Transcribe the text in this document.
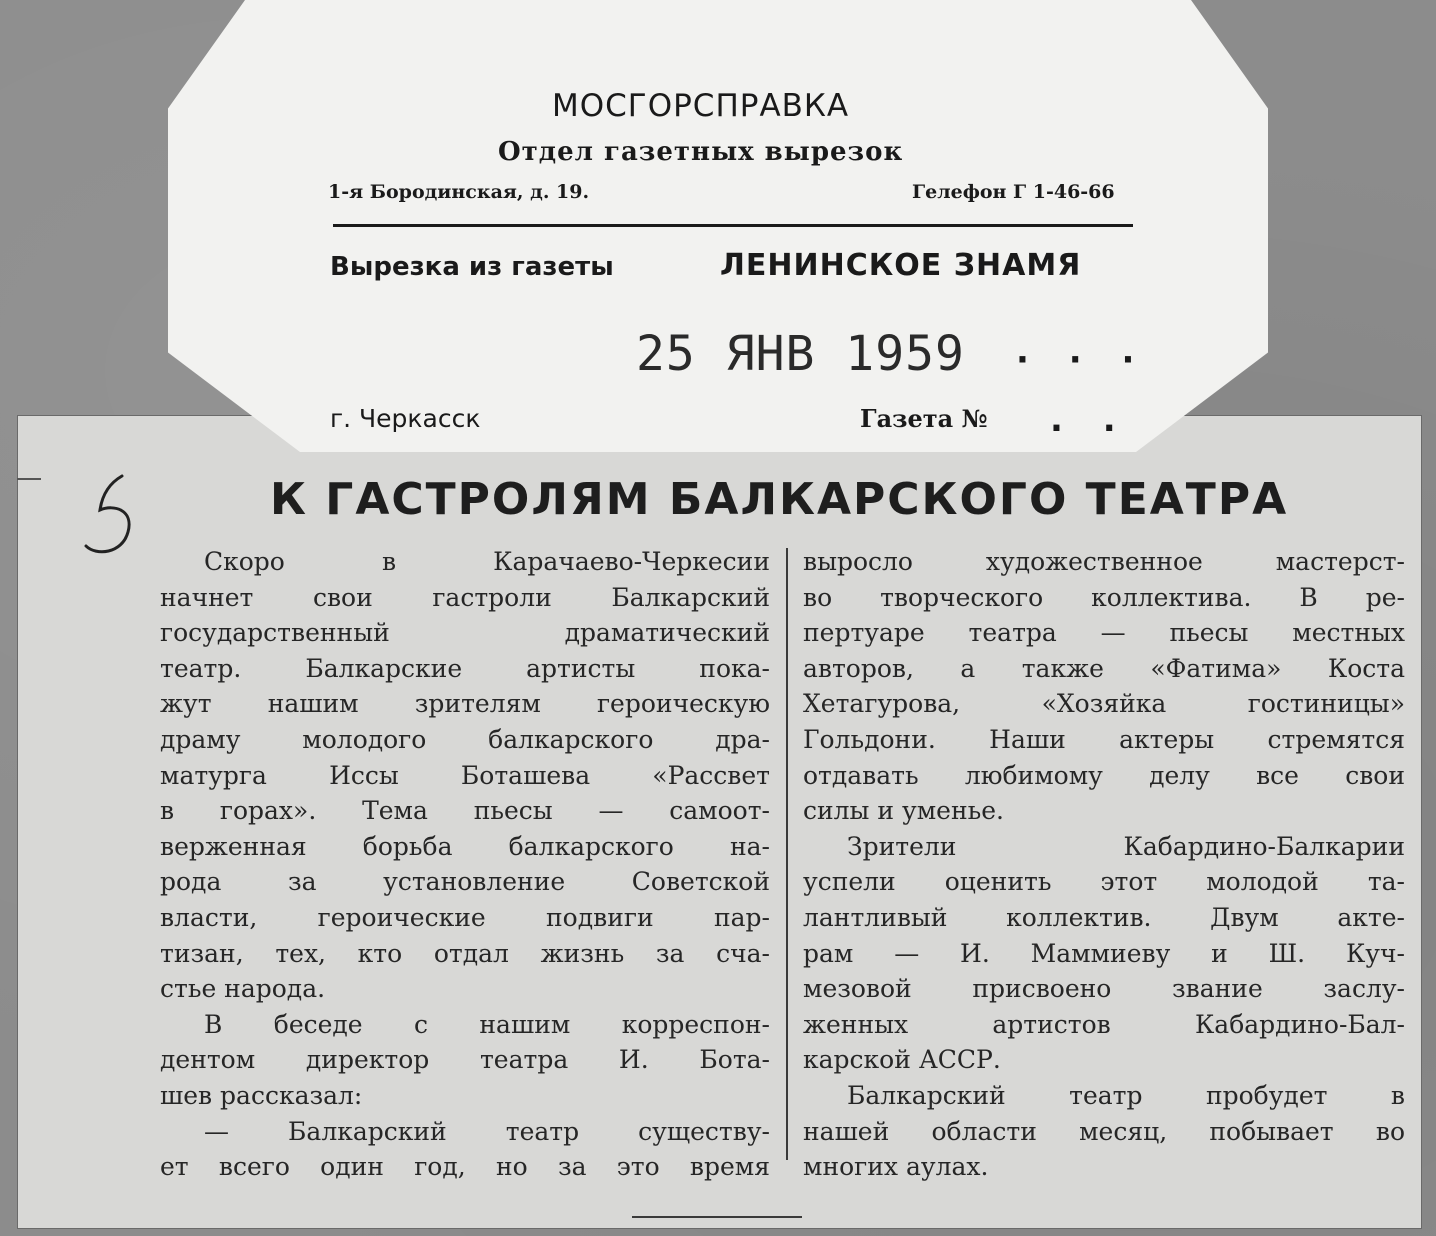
К ГАСТРОЛЯМ БАЛКАРСКОГО ТЕАТРА
Скоро в Карачаево-Черкесии
начнет свои гастроли Балкарский
государственный драматический
театр. Балкарские артисты пока-
жут нашим зрителям героическую
драму молодого балкарского дра-
матурга Иссы Боташева «Рассвет
в горах». Тема пьесы — самоот-
верженная борьба балкарского на-
рода за установление Советской
власти, героические подвиги пар-
тизан, тех, кто отдал жизнь за сча-
стье народа.
В беседе с нашим корреспон-
дентом директор театра И. Бота-
шев рассказал:
— Балкарский театр существу-
ет всего один год, но за это время
выросло художественное мастерст-
во творческого коллектива. В ре-
пертуаре театра — пьесы местных
авторов, а также «Фатима» Коста
Хетагурова, «Хозяйка гостиницы»
Гольдони. Наши актеры стремятся
отдавать любимому делу все свои
силы и уменье.
Зрители Кабардино-Балкарии
успели оценить этот молодой та-
лантливый коллектив. Двум акте-
рам — И. Маммиеву и Ш. Куч-
мезовой присвоено звание заслу-
женных артистов Кабардино-Бал-
карской АССР.
Балкарский театр пробудет в
нашей области месяц, побывает во
многих аулах.
МОСГОРСПРАВКА
Отдел газетных вырезок
1-я Бородинская, д. 19.	Гелефон Г 1-46-66
Вырезка из газеты	ЛЕНИНСКОЕ ЗНАМЯ
25 ЯНВ 1959 · · ·
г. Черкасск	Газета № . .
